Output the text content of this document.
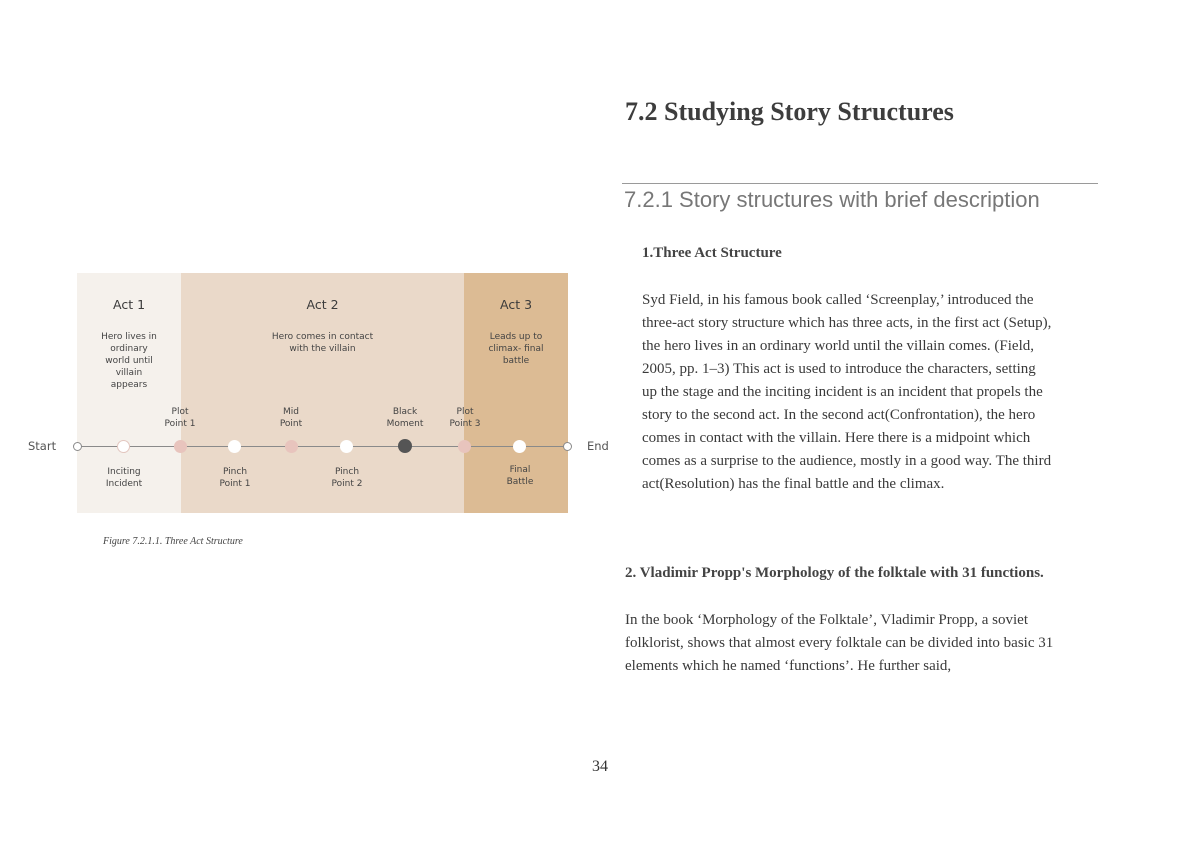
Act 1
Hero lives in
ordinary
world until
villain
appears
Act 2
Hero comes in contact
with the villain
Act 3
Leads up to
climax- final
battle
Start	End
Plot
Point 1
Mid
Point
Black
Moment
Plot
Point 3
Inciting
Incident
Pinch
Point 1
Pinch
Point 2
Final
Battle
Figure 7.2.1.1. Three Act Structure
7.2 Studying Story Structures
7.2.1 Story structures with brief description
1.Three Act Structure
Syd Field, in his famous book called ‘Screenplay,’ introduced the
three-act story structure which has three acts, in the first act (Setup),
the hero lives in an ordinary world until the villain comes. (Field,
2005, pp. 1–3) This act is used to introduce the characters, setting
up the stage and the inciting incident is an incident that propels the
story to the second act. In the second act(Confrontation), the hero
comes in contact with the villain. Here there is a midpoint which
comes as a surprise to the audience, mostly in a good way. The third
act(Resolution) has the final battle and the climax.
2. Vladimir Propp's Morphology of the folktale with 31 functions.
In the book ‘Morphology of the Folktale’, Vladimir Propp, a soviet
folklorist, shows that almost every folktale can be divided into basic 31
elements which he named ‘functions’. He further said,
34
